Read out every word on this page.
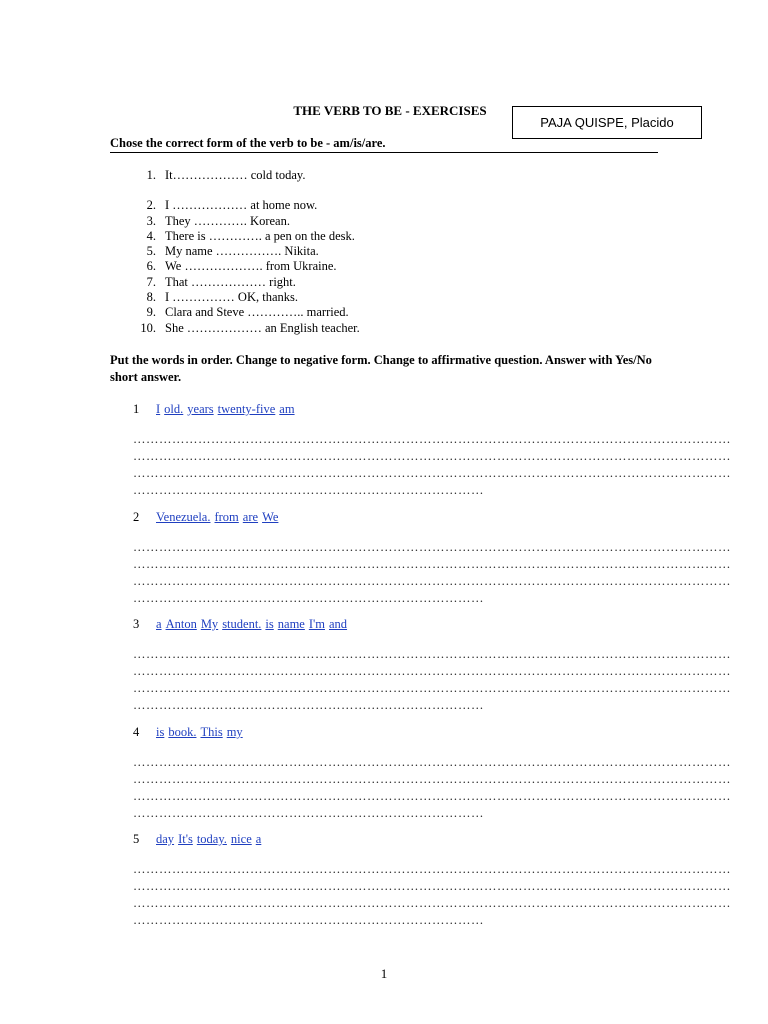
THE VERB TO BE - EXERCISES
PAJA QUISPE, Placido
Chose the correct form of the verb to be - am/is/are.
1. It……………… cold today.
2. I ……………… at home now.
3. They …………. Korean.
4. There is …………. a pen on the desk.
5. My name ……………. Nikita.
6. We ………………. from Ukraine.
7. That ……………… right.
8. I …………… OK, thanks.
9. Clara and Steve ………….. married.
10. She ……………… an English teacher.
Put the words in order. Change to negative form. Change to affirmative question. Answer with Yes/No short answer.
1	I old. years twenty-five am
…………………………………………………………………………………………………………………………
…………………………………………………………………………………………………………………………
…………………………………………………………………………………………………………………………
………………………………………………………………………
2	Venezuela. from are We
…………………………………………………………………………………………………………………………
…………………………………………………………………………………………………………………………
…………………………………………………………………………………………………………………………
………………………………………………………………………
3	a Anton My student. is name I'm and
…………………………………………………………………………………………………………………………
…………………………………………………………………………………………………………………………
…………………………………………………………………………………………………………………………
………………………………………………………………………
4	is book. This my
…………………………………………………………………………………………………………………………
…………………………………………………………………………………………………………………………
…………………………………………………………………………………………………………………………
………………………………………………………………………
5	day It's today. nice a
…………………………………………………………………………………………………………………………
…………………………………………………………………………………………………………………………
…………………………………………………………………………………………………………………………
………………………………………………………………………
1
